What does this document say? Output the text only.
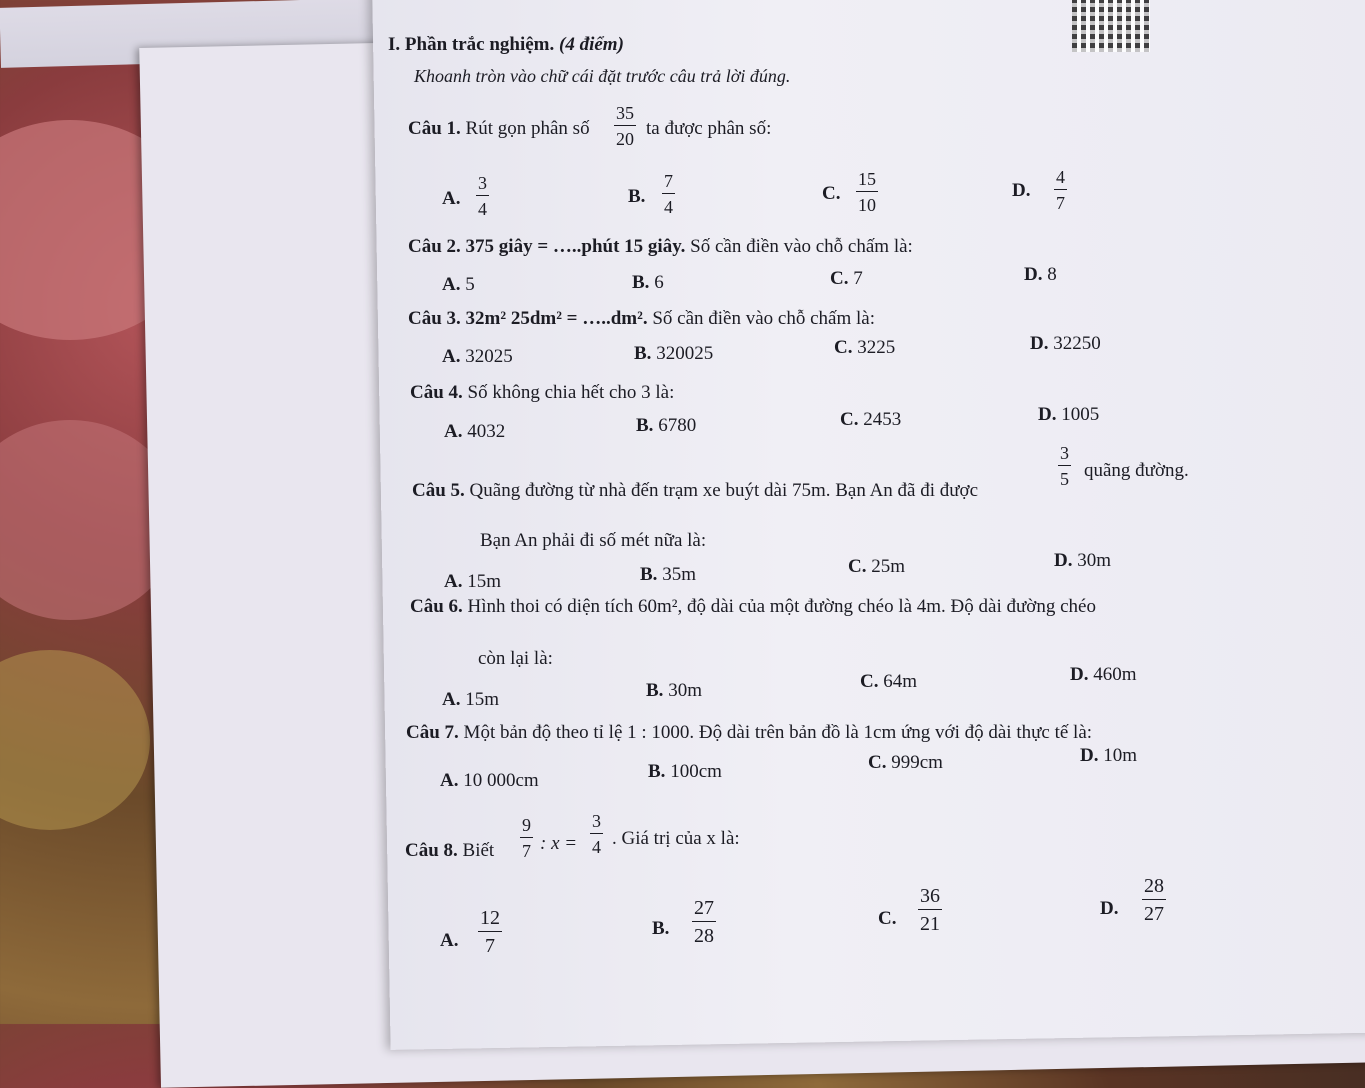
I. Phần trắc nghiệm. (4 điểm)
Khoanh tròn vào chữ cái đặt trước câu trả lời đúng.
Câu 1. Rút gọn phân số
35
20 ta được phân số:
A.
3
4
B.
7
4
C.
15
10
D.
4
7
Câu 2. 375 giây = …..phút 15 giây. Số cần điền vào chỗ chấm là:
A. 5	B. 6	C. 7	D. 8
Câu 3. 32m² 25dm² = …..dm². Số cần điền vào chỗ chấm là:
A. 32025	B. 320025	C. 3225	D. 32250
Câu 4. Số không chia hết cho 3 là:
A. 4032	B. 6780	C. 2453	D. 1005
Câu 5. Quãng đường từ nhà đến trạm xe buýt dài 75m. Bạn An đã đi được
3
5 quãng đường.
Bạn An phải đi số mét nữa là:
A. 15m	B. 35m	C. 25m	D. 30m
Câu 6. Hình thoi có diện tích 60m², độ dài của một đường chéo là 4m. Độ dài đường chéo
còn lại là:
A. 15m	B. 30m	C. 64m	D. 460m
Câu 7. Một bản độ theo tỉ lệ 1 : 1000. Độ dài trên bản đồ là 1cm ứng với độ dài thực tế là:
A. 10 000cm	B. 100cm	C. 999cm	D. 10m
Câu 8. Biết
9
7 : x =
3
4 . Giá trị của x là:
A.
12
7
B.
27
28
C.
36
21
D.
28
27
